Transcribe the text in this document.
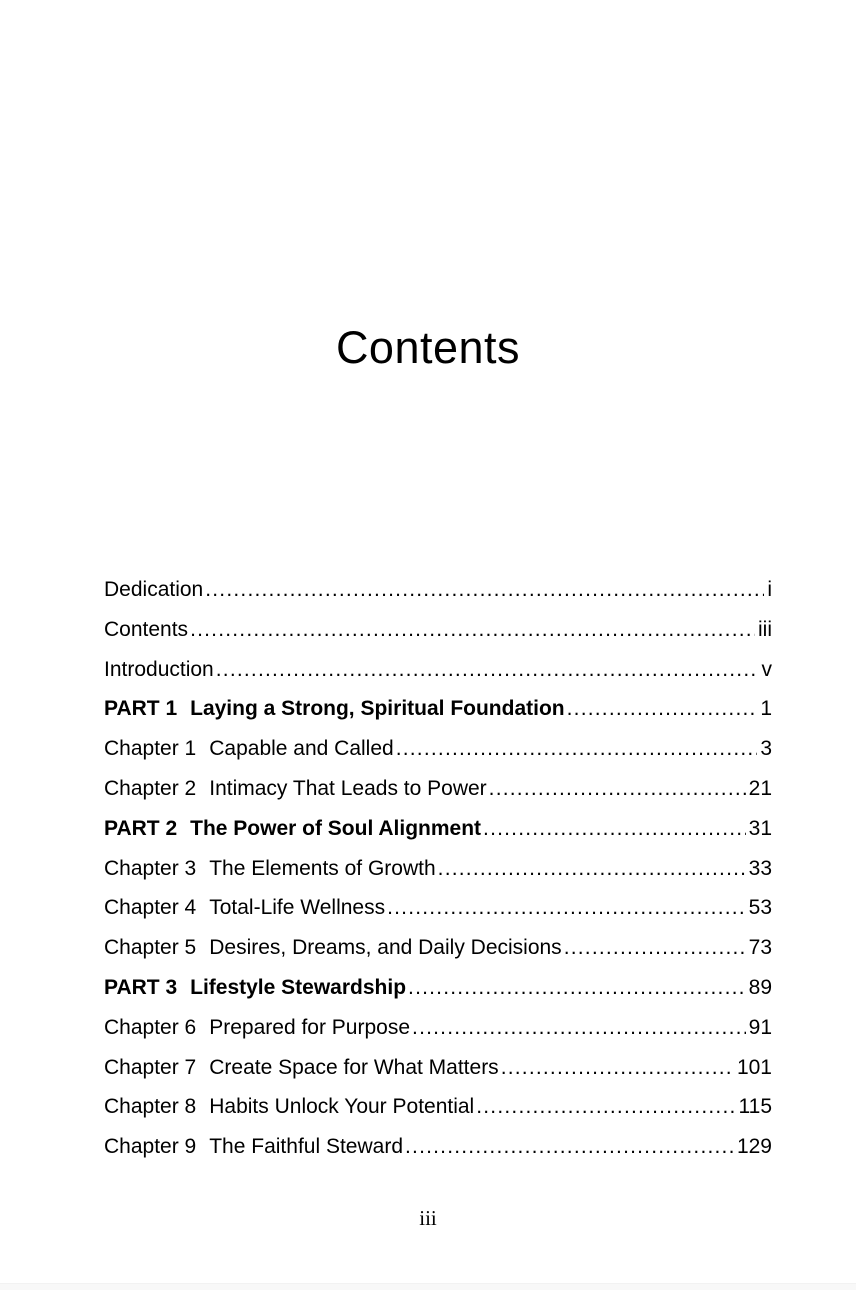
Contents
Dedication .....	i
Contents .....	iii
Introduction .....	v
PART 1 Laying a Strong, Spiritual Foundation .....	1
Chapter 1 Capable and Called .....	3
Chapter 2 Intimacy That Leads to Power .....	21
PART 2 The Power of Soul Alignment .....	31
Chapter 3 The Elements of Growth .....	33
Chapter 4 Total-Life Wellness .....	53
Chapter 5 Desires, Dreams, and Daily Decisions .....	73
PART 3 Lifestyle Stewardship .....	89
Chapter 6 Prepared for Purpose .....	91
Chapter 7 Create Space for What Matters .....	101
Chapter 8 Habits Unlock Your Potential .....	115
Chapter 9 The Faithful Steward .....	129
iii
